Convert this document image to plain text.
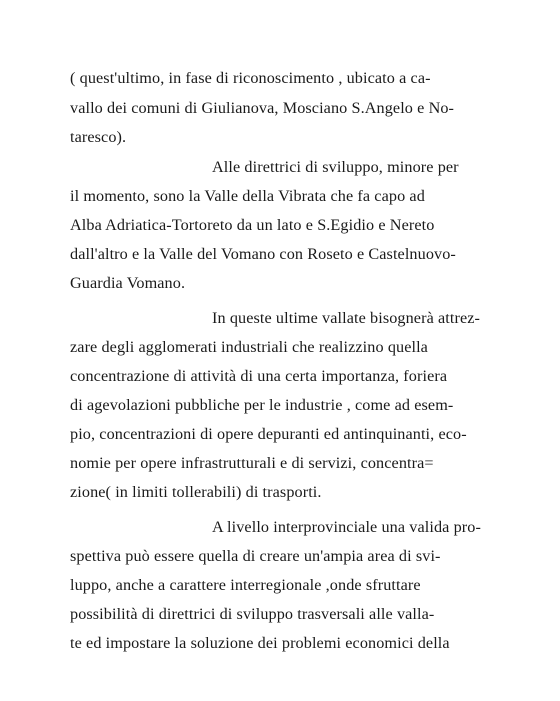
( quest'ultimo, in fase di riconoscimento , ubicato a ca-
vallo dei comuni di Giulianova, Mosciano S.Angelo e No-
taresco).
Alle direttrici di sviluppo, minore per
il momento, sono la Valle della Vibrata che fa capo ad
Alba Adriatica-Tortoreto da un lato e S.Egidio e Nereto
dall'altro e la Valle del Vomano con Roseto e Castelnuovo-
Guardia Vomano.
In queste ultime vallate bisognerà attrez-
zare degli agglomerati industriali che realizzino quella
concentrazione di attività di una certa importanza, foriera
di agevolazioni pubbliche per le industrie , come ad esem-
pio, concentrazioni di opere depuranti ed antinquinanti, eco-
nomie per opere infrastrutturali e di servizi, concentra=
zione( in limiti tollerabili) di trasporti.
A livello interprovinciale una valida pro-
spettiva può essere quella di creare un'ampia area di svi-
luppo, anche a carattere interregionale ,onde sfruttare
possibilità di direttrici di sviluppo trasversali alle valla-
te ed impostare la soluzione dei problemi economici della
